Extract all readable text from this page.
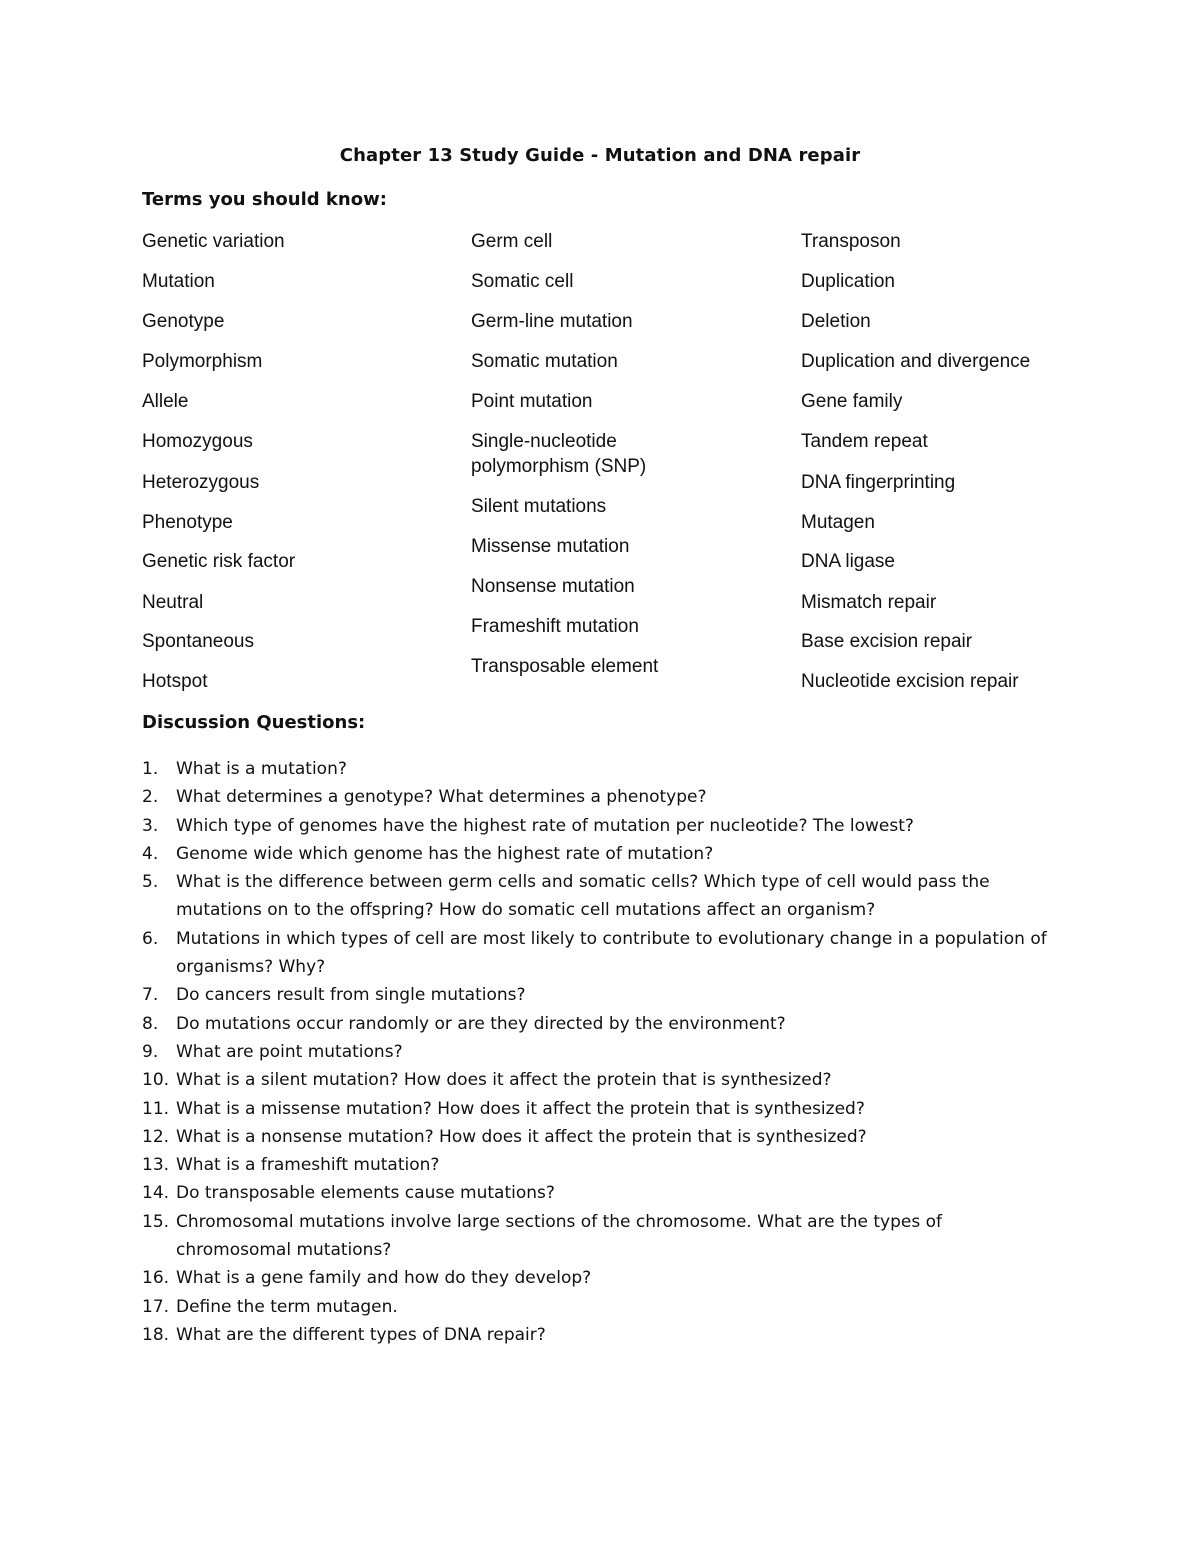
Chapter 13 Study Guide - Mutation and DNA repair
Terms you should know:
Genetic variation
Mutation
Genotype
Polymorphism
Allele
Homozygous
Heterozygous
Phenotype
Genetic risk factor
Neutral
Spontaneous
Hotspot
Germ cell
Somatic cell
Germ-line mutation
Somatic mutation
Point mutation
Single-nucleotide
polymorphism (SNP)
Silent mutations
Missense mutation
Nonsense mutation
Frameshift mutation
Transposable element
Transposon
Duplication
Deletion
Duplication and divergence
Gene family
Tandem repeat
DNA fingerprinting
Mutagen
DNA ligase
Mismatch repair
Base excision repair
Nucleotide excision repair
Discussion Questions:
1. What is a mutation?
2. What determines a genotype? What determines a phenotype?
3. Which type of genomes have the highest rate of mutation per nucleotide? The lowest?
4. Genome wide which genome has the highest rate of mutation?
5. What is the difference between germ cells and somatic cells? Which type of cell would pass the mutations on to the offspring? How do somatic cell mutations affect an organism?
6. Mutations in which types of cell are most likely to contribute to evolutionary change in a population of organisms? Why?
7. Do cancers result from single mutations?
8. Do mutations occur randomly or are they directed by the environment?
9. What are point mutations?
10. What is a silent mutation? How does it affect the protein that is synthesized?
11. What is a missense mutation? How does it affect the protein that is synthesized?
12. What is a nonsense mutation? How does it affect the protein that is synthesized?
13. What is a frameshift mutation?
14. Do transposable elements cause mutations?
15. Chromosomal mutations involve large sections of the chromosome. What are the types of chromosomal mutations?
16. What is a gene family and how do they develop?
17. Define the term mutagen.
18. What are the different types of DNA repair?
